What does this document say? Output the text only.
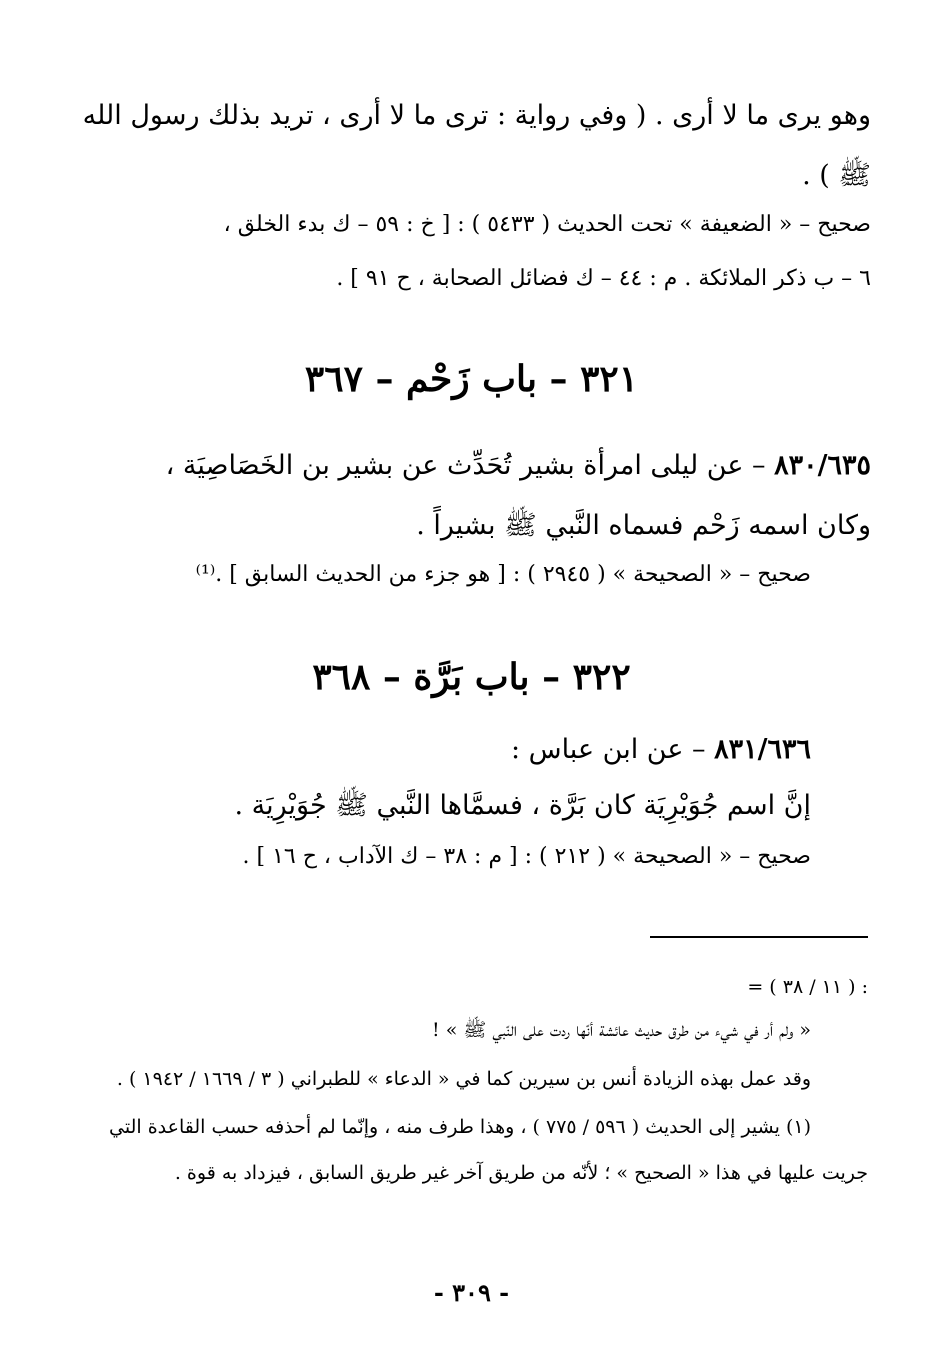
وهو يرى ما لا أرى . ( وفي رواية : ترى ما لا أرى ، تريد بذلك رسول الله
ﷺ ) .
صحيح – « الضعيفة » تحت الحديث ( ٥٤٣٣ ) : [ خ : ٥٩ – ك بدء الخلق ،
٦ – ب ذكر الملائكة . م : ٤٤ – ك فضائل الصحابة ، ح ٩١ ] .
٣٢١ – باب زَحْم – ٣٦٧
٨٣٠/٦٣٥ – عن ليلى امرأة بشير تُحَدِّث عن بشير بن الخَصَاصِيَة ،
وكان اسمه زَحْم فسماه النَّبي ﷺ بشيراً .
صحيح – « الصحيحة » ( ٢٩٤٥ ) : [ هو جزء من الحديث السابق ] .⁽¹⁾
٣٢٢ – باب بَرَّة – ٣٦٨
٨٣١/٦٣٦ – عن ابن عباس :
إنَّ اسم جُوَيْرِيَة كان بَرَّة ، فسمَّاها النَّبي ﷺ جُوَيْرِيَة .
صحيح – « الصحيحة » ( ٢١٢ ) : [ م : ٣٨ – ك الآداب ، ح ١٦ ] .
= ( ١١ / ٣٨ ) :
« ولم أر في شيء من طرق حديث عائشة أنّها ردت على النّبي ﷺ » !
وقد عمل بهذه الزيادة أنس بن سيرين كما في « الدعاء » للطبراني ( ٣ / ١٦٦٩ / ١٩٤٢ ) .
(١) يشير إلى الحديث ( ٥٩٦ / ٧٧٥ ) ، وهذا طرف منه ، وإنّما لم أحذفه حسب القاعدة التي
جريت عليها في هذا « الصحيح » ؛ لأنّه من طريق آخر غير طريق السابق ، فيزداد به قوة .
- ٣٠٩ -
